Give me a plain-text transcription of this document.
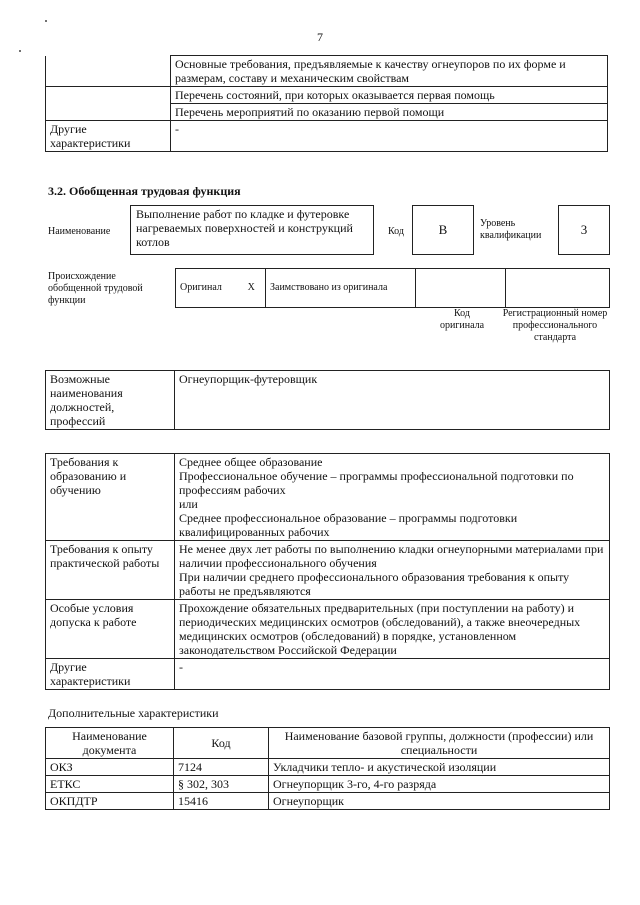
7
	Основные требования, предъявляемые к качеству огнеупоров по их форме и размерам, составу и механическим свойствам
	Перечень состояний, при которых оказывается первая помощь
	Перечень мероприятий по оказанию первой помощи
Другие характеристики	-
3.2. Обобщенная трудовая функция
Наименование
Выполнение работ по кладке и футеровке нагреваемых поверхностей и конструкций котлов
Код	B	Уровень квалификации	3
Происхождение обобщенной трудовой функции
Оригинал	X	Заимствовано из оригинала		
Код оригинала
Регистрационный номер профессионального стандарта
Возможные наименования должностей, профессий	Огнеупорщик-футеровщик
Требования к образованию и обучению	Среднее общее образование
Профессиональное обучение – программы профессиональной подготовки по профессиям рабочих
или
Среднее профессиональное образование – программы подготовки квалифицированных рабочих

Требования к опыту практической работы	Не менее двух лет работы по выполнению кладки огнеупорными материалами при наличии профессионального обучения
При наличии среднего профессионального образования требования к опыту работы не предъявляются

Особые условия допуска к работе	Прохождение обязательных предварительных (при поступлении на работу) и периодических медицинских осмотров (обследований), а также внеочередных медицинских осмотров (обследований) в порядке, установленном законодательством Российской Федерации
Другие характеристики	-
Дополнительные характеристики
Наименование документа	Код	Наименование базовой группы, должности (профессии) или специальности
ОКЗ	7124	Укладчики тепло- и акустической изоляции
ЕТКС	§ 302, 303	Огнеупорщик 3-го, 4-го разряда
ОКПДТР	15416	Огнеупорщик
